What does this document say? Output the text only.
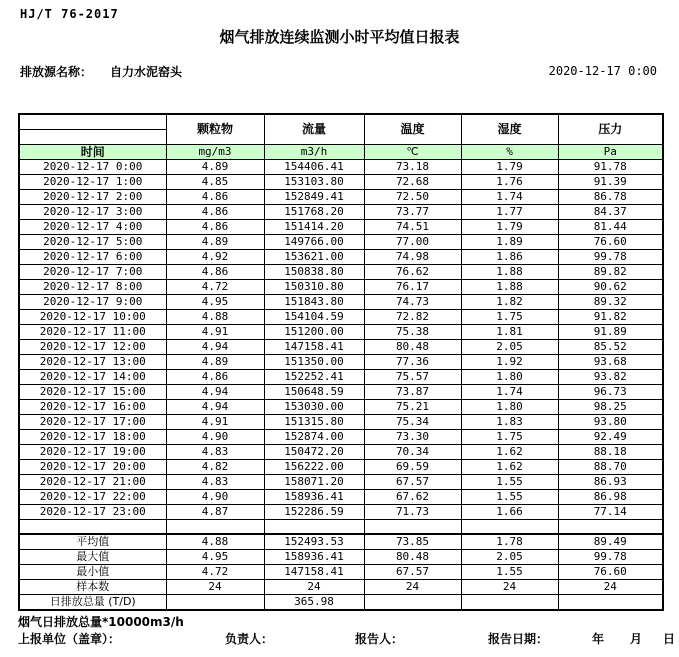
HJ/T 76-2017
烟气排放连续监测小时平均值日报表
排放源名称： 自力水泥窑头	2020-12-17 0:00
	颗粒物	流量	温度	湿度	压力

时间	mg/m3	m3/h	℃	%	Pa
2020-12-17 0:00	4.89	154406.41	73.18	1.79	91.78
2020-12-17 1:00	4.85	153103.80	72.68	1.76	91.39
2020-12-17 2:00	4.86	152849.41	72.50	1.74	86.78
2020-12-17 3:00	4.86	151768.20	73.77	1.77	84.37
2020-12-17 4:00	4.86	151414.20	74.51	1.79	81.44
2020-12-17 5:00	4.89	149766.00	77.00	1.89	76.60
2020-12-17 6:00	4.92	153621.00	74.98	1.86	99.78
2020-12-17 7:00	4.86	150838.80	76.62	1.88	89.82
2020-12-17 8:00	4.72	150310.80	76.17	1.88	90.62
2020-12-17 9:00	4.95	151843.80	74.73	1.82	89.32
2020-12-17 10:00	4.88	154104.59	72.82	1.75	91.82
2020-12-17 11:00	4.91	151200.00	75.38	1.81	91.89
2020-12-17 12:00	4.94	147158.41	80.48	2.05	85.52
2020-12-17 13:00	4.89	151350.00	77.36	1.92	93.68
2020-12-17 14:00	4.86	152252.41	75.57	1.80	93.82
2020-12-17 15:00	4.94	150648.59	73.87	1.74	96.73
2020-12-17 16:00	4.94	153030.00	75.21	1.80	98.25
2020-12-17 17:00	4.91	151315.80	75.34	1.83	93.80
2020-12-17 18:00	4.90	152874.00	73.30	1.75	92.49
2020-12-17 19:00	4.83	150472.20	70.34	1.62	88.18
2020-12-17 20:00	4.82	156222.00	69.59	1.62	88.70
2020-12-17 21:00	4.83	158071.20	67.57	1.55	86.93
2020-12-17 22:00	4.90	158936.41	67.62	1.55	86.98
2020-12-17 23:00	4.87	152286.59	71.73	1.66	77.14

平均值	4.88	152493.53	73.85	1.78	89.49
最大值	4.95	158936.41	80.48	2.05	99.78
最小值	4.72	147158.41	67.57	1.55	76.60
样本数	24	24	24	24	24
日排放总量 (T/D)		365.98			
烟气日排放总量*10000m3/h
上报单位（盖章）：	负责人：	报告人：	报告日期：	年 月 日
